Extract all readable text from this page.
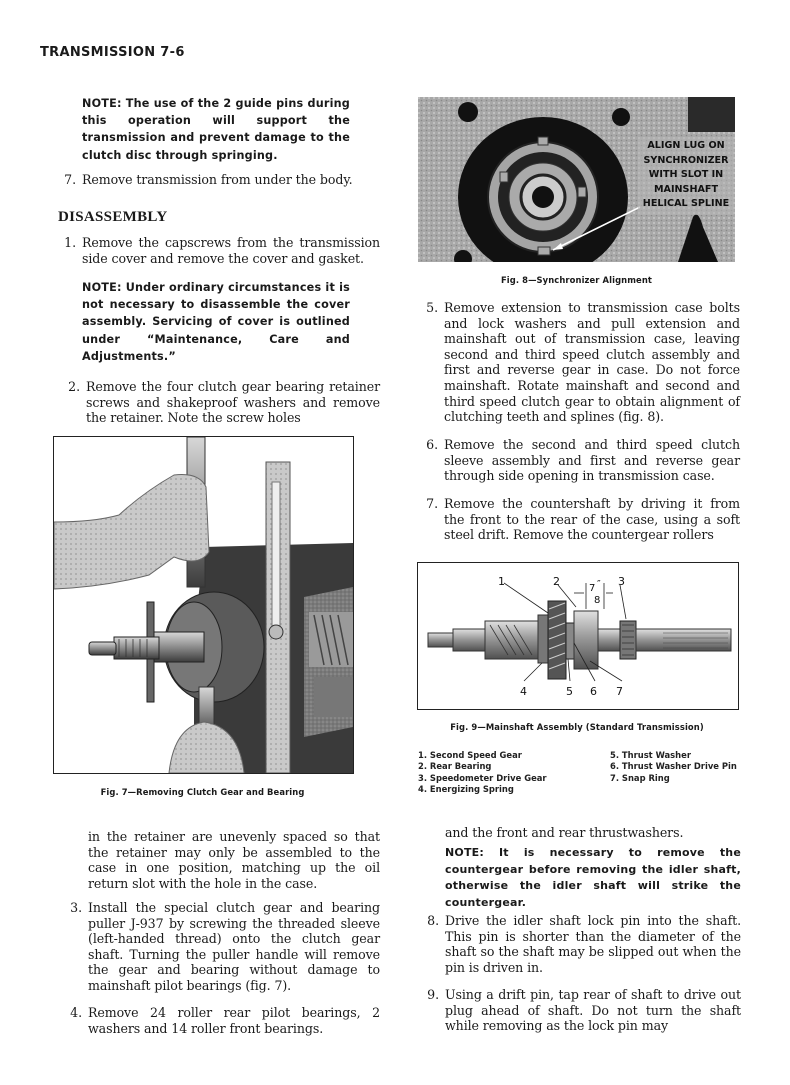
TRANSMISSION 7-6
NOTE: The use of the 2 guide pins during this operation will support the transmission and prevent damage to the clutch disc through springing.
7. Remove transmission from under the body.
DISASSEMBLY
1. Remove the capscrews from the transmission side cover and remove the cover and gasket.
NOTE: Under ordinary circumstances it is not necessary to disassemble the cover assembly. Servicing of cover is outlined under “Maintenance, Care and Adjustments.”
2. Remove the four clutch gear bearing retainer screws and shakeproof washers and remove the retainer. Note the screw holes
Fig. 7—Removing Clutch Gear and Bearing
in the retainer are unevenly spaced so that the retainer may only be assembled to the case in one position, matching up the oil return slot with the hole in the case.
3. Install the special clutch gear and bearing puller J-937 by screwing the threaded sleeve (left-handed thread) onto the clutch gear shaft. Turning the puller handle will remove the gear and bearing without damage to mainshaft pilot bearings (fig. 7).
4. Remove 24 roller rear pilot bearings, 2 washers and 14 roller front bearings.
ALIGN LUG ON
SYNCHRONIZER
WITH SLOT IN
MAINSHAFT
HELICAL SPLINE
Fig. 8—Synchronizer Alignment
5. Remove extension to transmission case bolts and lock washers and pull extension and mainshaft out of transmission case, leaving second and third speed clutch assembly and first and reverse gear in case. Do not force mainshaft. Rotate mainshaft and second and third speed clutch gear to obtain alignment of clutching teeth and splines (fig. 8).
6. Remove the second and third speed clutch sleeve assembly and first and reverse gear through side opening in transmission case.
7. Remove the countershaft by driving it from the front to the rear of the case, using a soft steel drift. Remove the countergear rollers
1	2	3
4	5 6 7
7 ″
8
Fig. 9—Mainshaft Assembly (Standard Transmission)
1. Second Speed Gear
2. Rear Bearing
3. Speedometer Drive Gear
4. Energizing Spring
5. Thrust Washer
6. Thrust Washer Drive Pin
7. Snap Ring
and the front and rear thrustwashers.
NOTE: It is necessary to remove the countergear before removing the idler shaft, otherwise the idler shaft will strike the countergear.
8. Drive the idler shaft lock pin into the shaft. This pin is shorter than the diameter of the shaft so the shaft may be slipped out when the pin is driven in.
9. Using a drift pin, tap rear of shaft to drive out plug ahead of shaft. Do not turn the shaft while removing as the lock pin may
